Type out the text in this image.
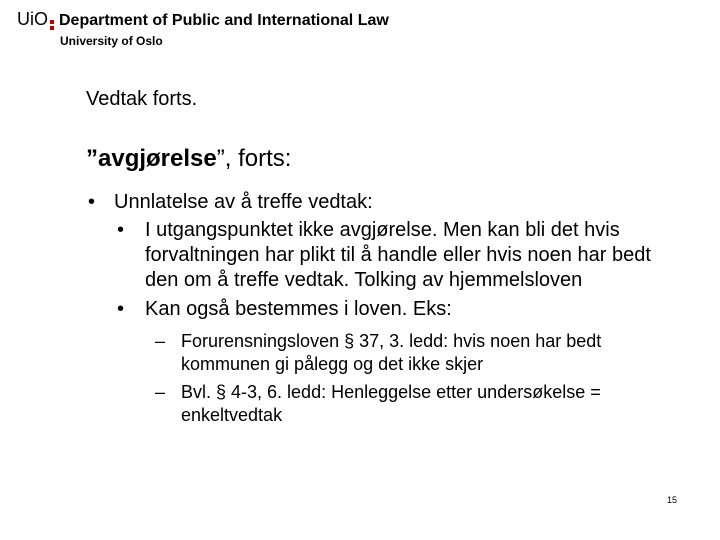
UiO Department of Public and International Law
University of Oslo
Vedtak forts.
”avgjørelse”, forts:
• Unnlatelse av å treffe vedtak:
• I utgangspunktet ikke avgjørelse. Men kan bli det hvis forvaltningen har plikt til å handle eller hvis noen har bedt den om å treffe vedtak. Tolking av hjemmelsloven
• Kan også bestemmes i loven. Eks:
– Forurensningsloven § 37, 3. ledd: hvis noen har bedt kommunen gi pålegg og det ikke skjer
– Bvl. § 4-3, 6. ledd: Henleggelse etter undersøkelse = enkeltvedtak
15
